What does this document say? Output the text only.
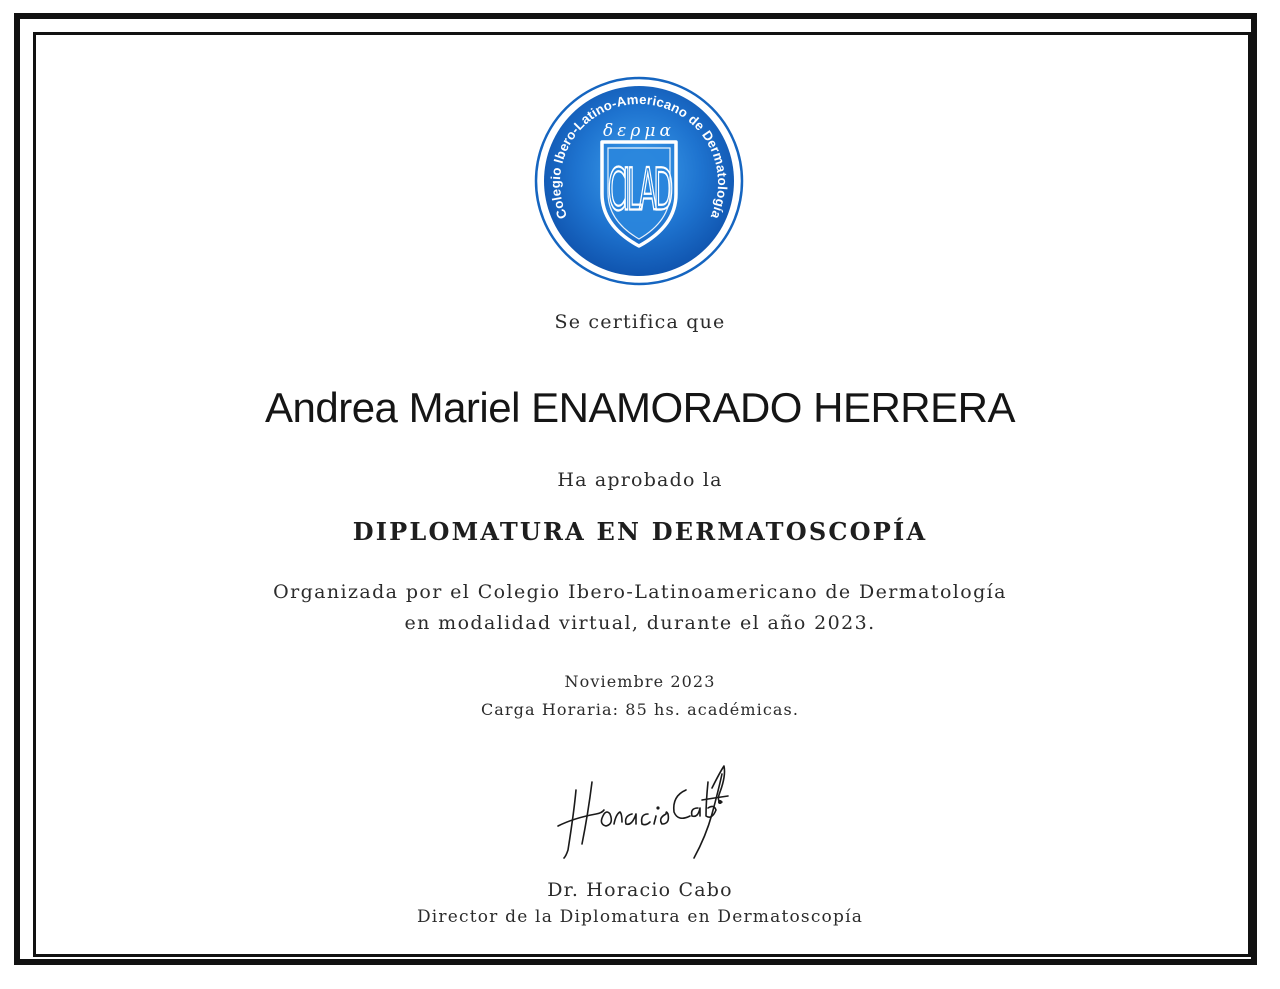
Colegio Ibero-Latino-Americano de Dermatología
δερμα
CILAD
Se certifica que
Andrea Mariel ENAMORADO HERRERA
Ha aprobado la
DIPLOMATURA EN DERMATOSCOPÍA
Organizada por el Colegio Ibero-Latinoamericano de Dermatología
en modalidad virtual, durante el año 2023.
Noviembre 2023
Carga Horaria: 85 hs. académicas.
Dr. Horacio Cabo
Director de la Diplomatura en Dermatoscopía
